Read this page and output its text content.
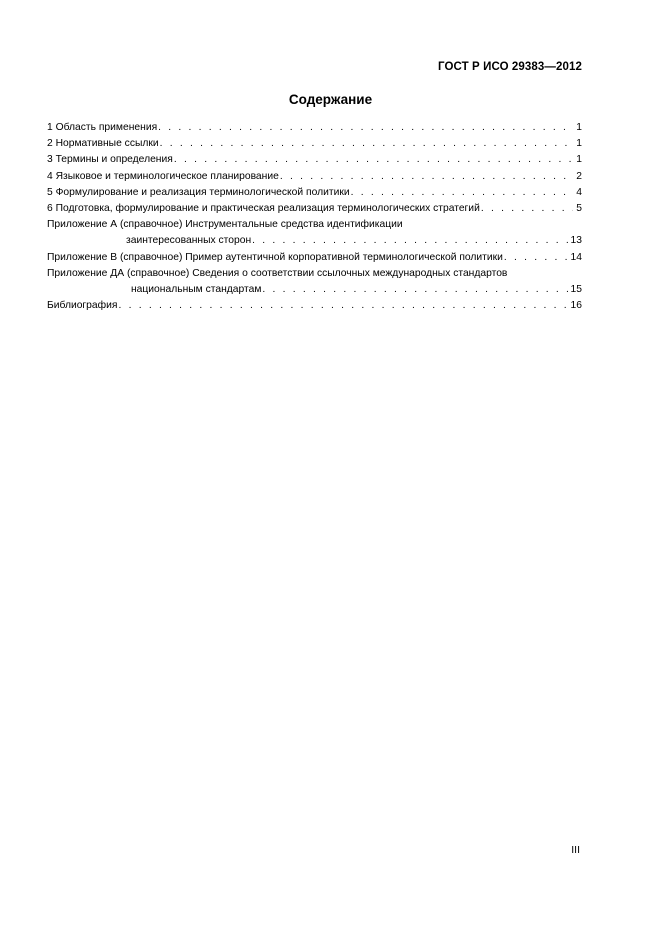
ГОСТ Р ИСО 29383—2012
Содержание
1 Область применения . . .	1
2 Нормативные ссылки . . .	1
3 Термины и определения . . .	1
4 Языковое и терминологическое планирование . . .	2
5 Формулирование и реализация терминологической политики . . .	4
6 Подготовка, формулирование и практическая реализация терминологических стратегий . . .	5
Приложение А (справочное) Инструментальные средства идентификации
заинтересованных сторон . . .	13
Приложение В (справочное) Пример аутентичной корпоративной терминологической политики . . .	14
Приложение ДА (справочное) Сведения о соответствии ссылочных международных стандартов
национальным стандартам . . .	15
Библиография . . .	16
III
